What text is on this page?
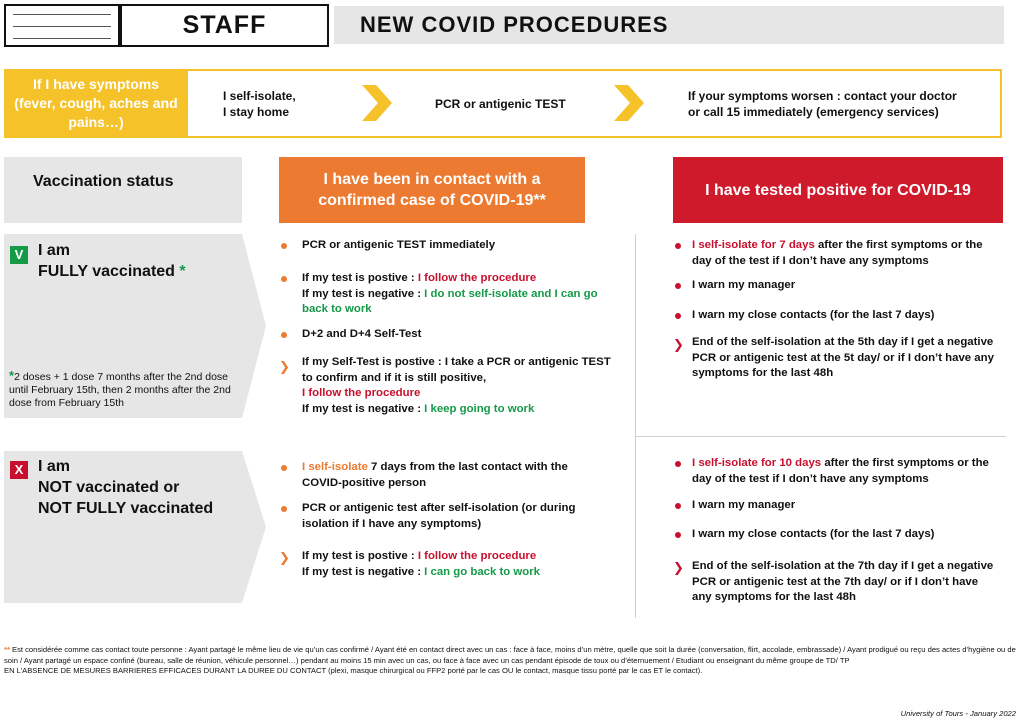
STAFF	NEW COVID PROCEDURES
If I have symptoms (fever, cough, aches and pains…)
I self-isolate,
I stay home
PCR or antigenic TEST
If your symptoms worsen : contact your doctor
or call 15 immediately (emergency services)
Vaccination status	I have been in contact with a confirmed case of COVID-19**
I have tested positive for COVID-19
V I am
FULLY vaccinated *
*2 doses + 1 dose 7 months after the 2nd dose until February 15th, then 2 months after the 2nd dose from February 15th
X I am
NOT vaccinated or
NOT FULLY vaccinated
PCR or antigenic TEST immediately
If my test is postive : I follow the procedure
If my test is negative : I do not self-isolate and I can go back to work
D+2 and D+4 Self-Test
❯ If my Self-Test is postive : I take a PCR or antigenic TEST to confirm and if it is still positive,
I follow the procedure
If my test is negative : I keep going to work
I self-isolate for 7 days after the first symptoms or the day of the test if I don’t have any symptoms
I warn my manager
I warn my close contacts (for the last 7 days)
❯ End of the self-isolation at the 5th day if I get a negative PCR or antigenic test at the 5t day/ or if I don’t have any symptoms for the last 48h
I self-isolate 7 days from the last contact with the COVID-positive person
PCR or antigenic test after self-isolation (or during isolation if I have any symptoms)
❯ If my test is postive : I follow the procedure
If my test is negative : I can go back to work
I self-isolate for 10 days after the first symptoms or the day of the test if I don’t have any symptoms
I warn my manager
I warn my close contacts (for the last 7 days)
❯ End of the self-isolation at the 7th day if I get a negative PCR or antigenic test at the 7th day/ or if I don’t have any symptoms for the last 48h
** Est considérée comme cas contact toute personne : Ayant partagé le même lieu de vie qu’un cas confirmé / Ayant été en contact direct avec un cas : face à face, moins d’un mètre, quelle que soit la durée (conversation, flirt, accolade, embrassade) / Ayant prodigué ou reçu des actes d’hygiène ou de soin / Ayant partagé un espace confiné (bureau, salle de réunion, véhicule personnel…) pendant au moins 15 min avec un cas, ou face à face avec un cas pendant épisode de toux ou d’éternuement / Etudiant ou enseignant du même groupe de TD/ TP
EN L’ABSENCE DE MESURES BARRIERES EFFICACES DURANT LA DUREE DU CONTACT (plexi, masque chirurgical ou FFP2 porté par le cas OU le contact, masque tissu porté par le cas ET le contact).
University of Tours - January 2022
